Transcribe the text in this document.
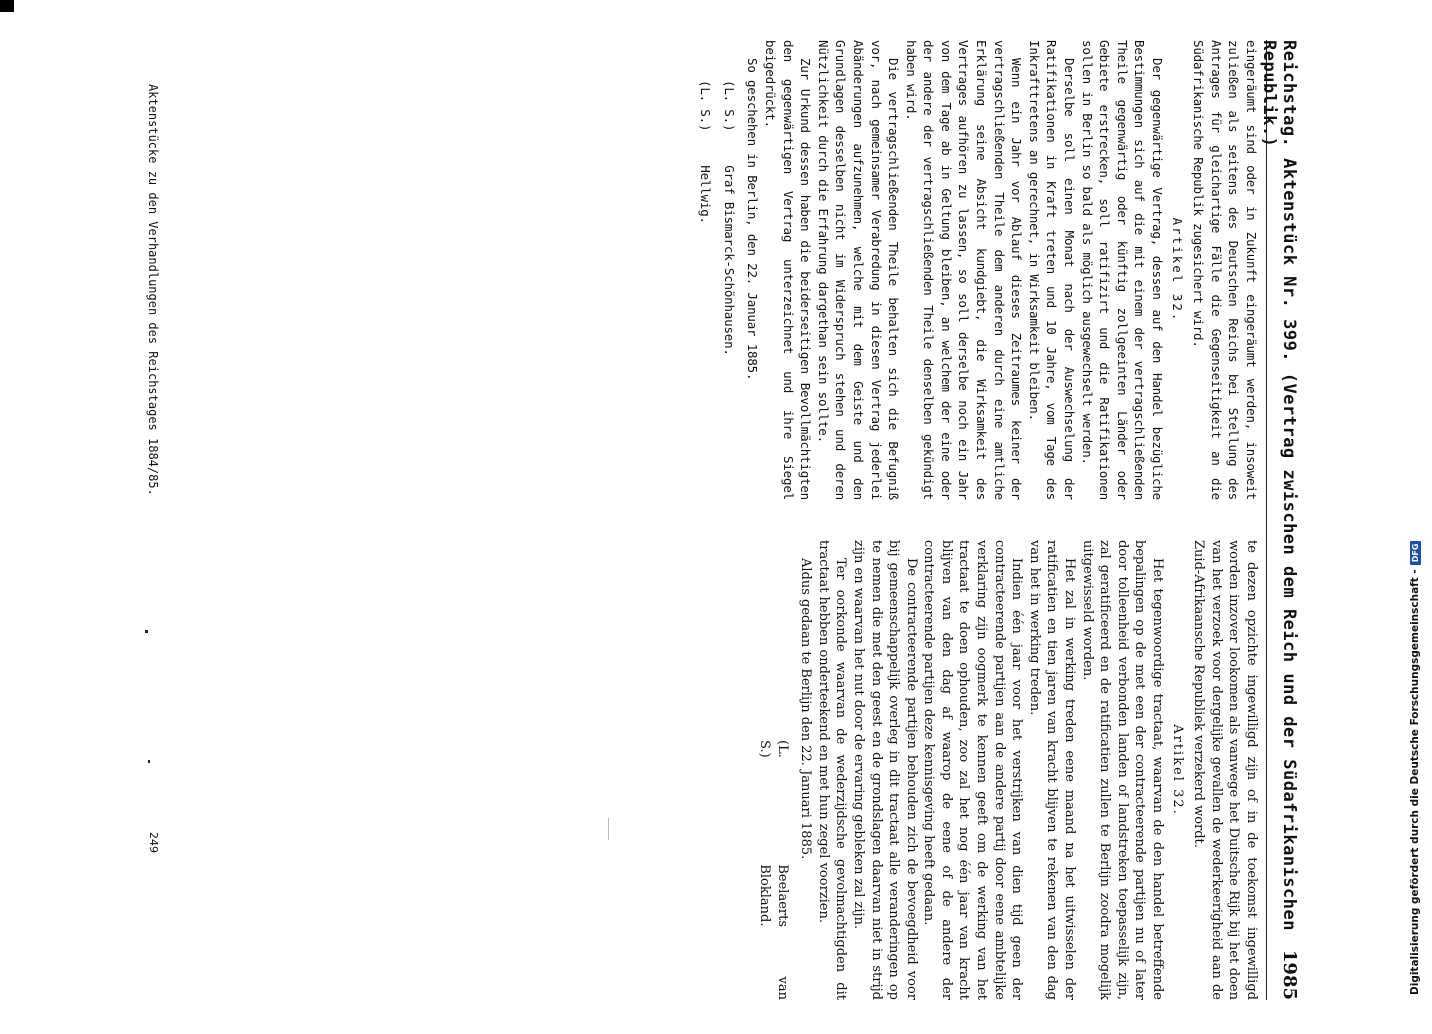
Reichstag. Aktenstück Nr. 399. (Vertrag zwischen dem Reich und der Südafrikanischen Republik.)
1985

eingeräumt sind oder in Zukunft eingeräumt werden, insoweit zuließen als seitens des Deutschen Reichs bei Stellung des Antrages für gleichartige Fälle die Gegenseitigkeit an die Südafrikanische Republik zugesichert wird.

Artikel 32.

Der gegenwärtige Vertrag, dessen auf den Handel bezügliche Bestimmungen sich auf die mit einem der vertragschließenden Theile gegenwärtig oder künftig zollgeeinten Länder oder Gebiete erstrecken, soll ratifizirt und die Ratifikationen sollen in Berlin so bald als möglich ausgewechselt werden.

Derselbe soll einen Monat nach der Auswechselung der Ratifikationen in Kraft treten und 10 Jahre, vom Tage des Inkrafttretens an gerechnet, in Wirksamkeit bleiben.

Wenn ein Jahr vor Ablauf dieses Zeitraumes keiner der vertragschließenden Theile dem anderen durch eine amtliche Erklärung seine Absicht kundgiebt, die Wirksamkeit des Vertrages aufhören zu lassen, so soll derselbe noch ein Jahr von dem Tage ab in Geltung bleiben, an welchem der eine oder der andere der vertragschließenden Theile denselben gekündigt haben wird.

Die vertragschließenden Theile behalten sich die Befugniß vor, nach gemeinsamer Verabredung in diesen Vertrag jederlei Abänderungen aufzunehmen, welche mit dem Geiste und den Grundlagen desselben nicht im Widerspruch stehen und deren Nützlichkeit durch die Erfahrung dargethan sein sollte.

Zur Urkund dessen haben die beiderseitigen Bevollmächtigten den gegenwärtigen Vertrag unterzeichnet und ihre Siegel beigedrückt.

So geschehen in Berlin, den 22. Januar 1885.

(L. S.)
Graf Bismarck-Schönhausen.
(L. S.)
Hellwig.

te dezen opzichte ingewilligd zijn of in de toekomst ingewilligd worden inzover lookomen als vanwege het Duitsche Rijk bij het doen van het verzoek voor dergelijke gevallen de wederkeerigheid aan de Zuid-Afrikaansche Republiek verzekerd wordt.

Artikel 32.

Het tegenwoordige tractaat, waarvan de den handel betreffende bepalingen op de met een der contracteerende partijen nu of later door tolleenheid verbonden landen of landstreken toepasselijk zijn, zal geratificeerd en de ratificatien zullen te Berlijn zoodra mogelijk uitgewisseld worden.

Het zal in werking treden eene maand na het uitwisselen der ratificatien en tien jaren van kracht blijven te rekenen van den dag van het in werking treden.

Indien één jaar voor het verstrijken van dien tijd geen der contracteerende partijen aan de andere partij door eene ambtelijke verklaring zijn oogmerk te kennen geeft om de werking van het tractaat te doen ophouden, zoo zal het nog één jaar van kracht blijven van den dag af waarop de eene of de andere der contracteerende partijen deze kennisgeving heeft gedaan.

De contracteerende partijen behouden zich de bevoegdheid voor bij gemeenschappelijk overleg in dit tractaat alle veranderingen op te nemen die met den geest en de grondslagen daarvan niet in strijd zijn en waarvan het nut door de ervaring gebleken zal zijn.

Ter oorkonde waarvan de wederzijdsche gevolmachtigden dit tractaat hebben onderteekend en met hun zegel voorzien.

Aldus gedaan te Berlijn den 22. Januari 1885.

(L. S.)
Beelaerts van Blokland.
Aktenstücke zu den Verhandlungen des Reichstages 1884/85.
249	Digitalisierung gefördert durch die Deutsche Forschungsgemeinschaft -
DFG
